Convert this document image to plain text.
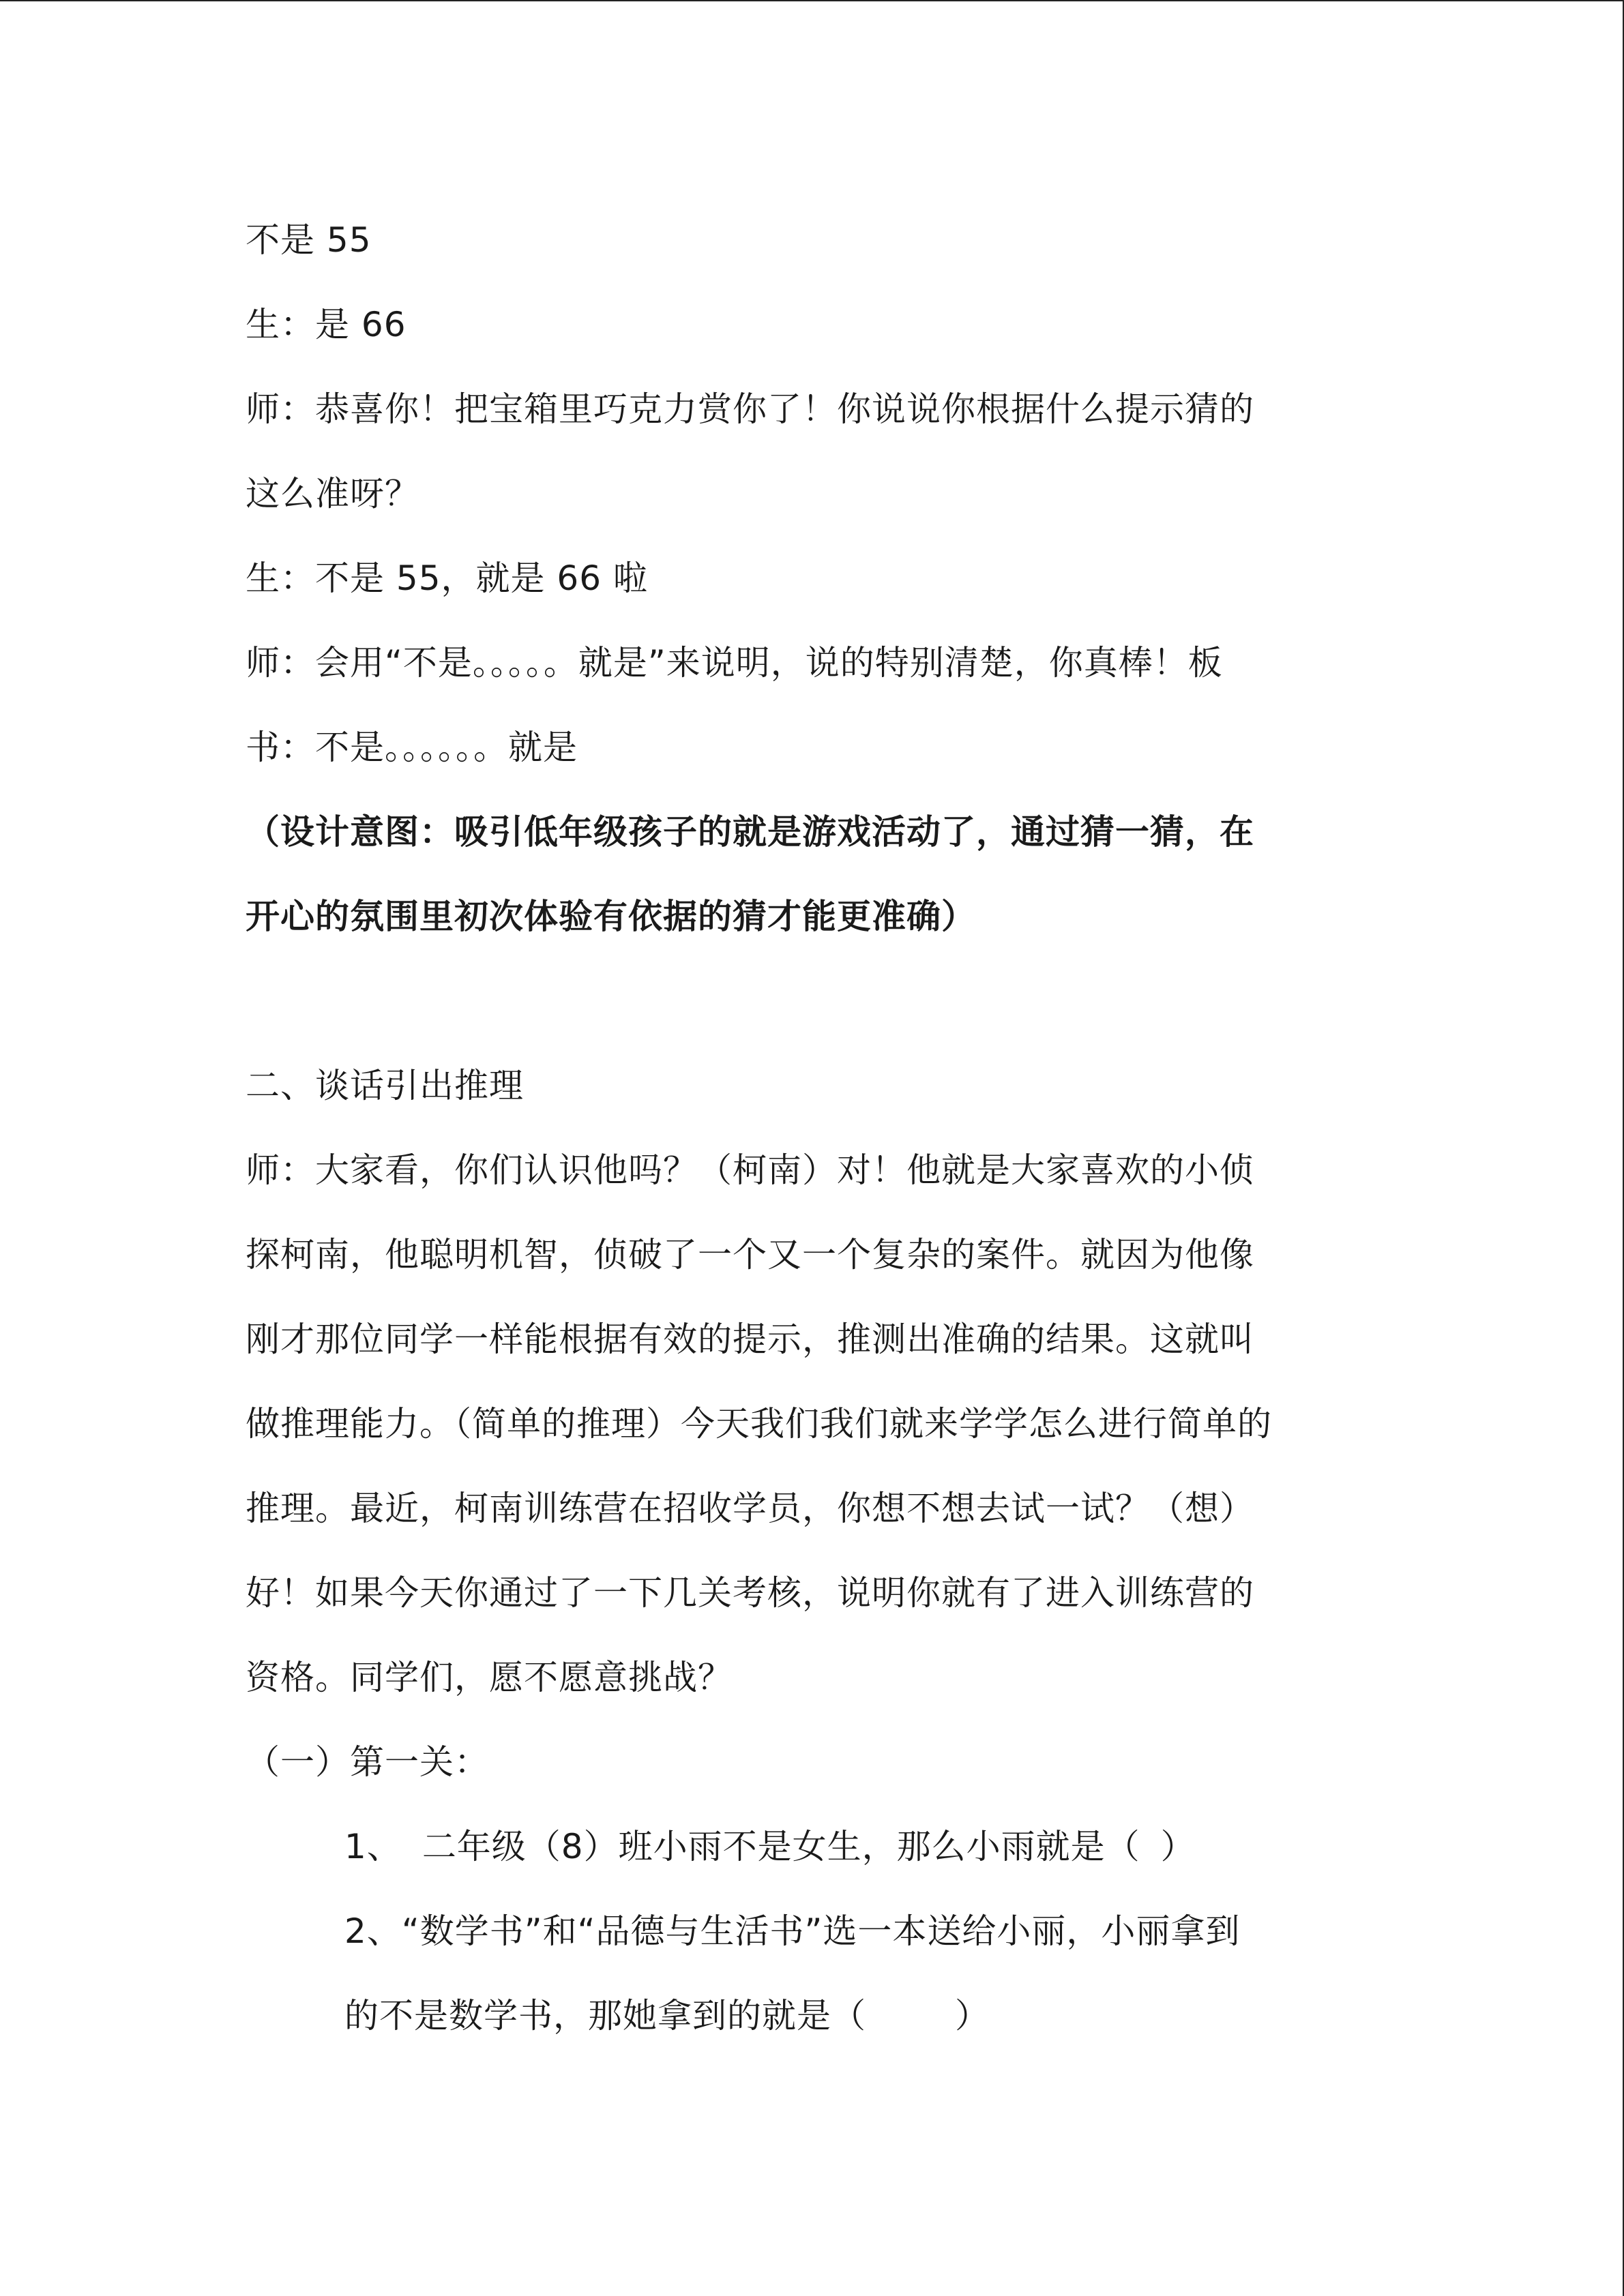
不是 55
生：是 66
师：恭喜你！把宝箱里巧克力赏你了！你说说你根据什么提示猜的
这么准呀？
生：不是 55，就是 66 啦
师：会用“不是。。。。。就是”来说明，说的特别清楚，你真棒！板
书：不是。。。。。。就是
（设计意图：吸引低年级孩子的就是游戏活动了，通过猜一猜，在
开心的氛围里初次体验有依据的猜才能更准确）
二、谈话引出推理
师：大家看，你们认识他吗？（柯南）对！他就是大家喜欢的小侦
探柯南，他聪明机智，侦破了一个又一个复杂的案件。就因为他像
刚才那位同学一样能根据有效的提示，推测出准确的结果。这就叫
做推理能力。（简单的推理）今天我们我们就来学学怎么进行简单的
推理。最近，柯南训练营在招收学员，你想不想去试一试？（想）
好！如果今天你通过了一下几关考核，说明你就有了进入训练营的
资格。同学们，愿不愿意挑战？
（一）第一关：
1、 二年级（8）班小雨不是女生，那么小雨就是（ ）
2、 “数学书”和“品德与生活书”选一本送给小丽，小丽拿到
的不是数学书，那她拿到的就是（	）
